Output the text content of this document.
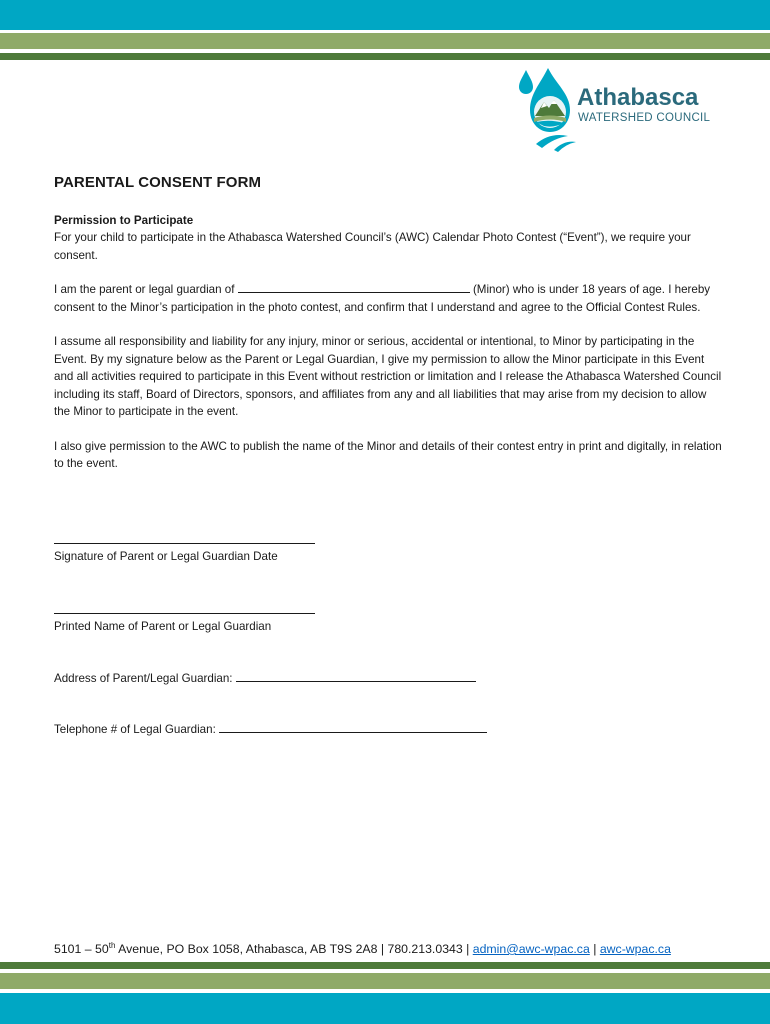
Athabasca
WATERSHED COUNCIL
PARENTAL CONSENT FORM

Permission to Participate

For your child to participate in the Athabasca Watershed Council’s (AWC) Calendar Photo Contest (“Event”), we require your consent.

I am the parent or legal guardian of	(Minor) who is under 18 years of age. I hereby consent to the Minor’s participation in the photo contest, and confirm that I understand and agree to the Official Contest Rules.

I assume all responsibility and liability for any injury, minor or serious, accidental or intentional, to Minor by participating in the Event. By my signature below as the Parent or Legal Guardian, I give my permission to allow the Minor participate in this Event and all activities required to participate in this Event without restriction or limitation and I release the Athabasca Watershed Council including its staff, Board of Directors, sponsors, and affiliates from any and all liabilities that may arise from my decision to allow the Minor to participate in the event.

I also give permission to the AWC to publish the name of the Minor and details of their contest entry in print and digitally, in relation to the event.

Signature of Parent or Legal Guardian Date
Printed Name of Parent or Legal Guardian
Address of Parent/Legal Guardian:
Telephone # of Legal Guardian:
5101 – 50th Avenue, PO Box 1058, Athabasca, AB T9S 2A8 | 780.213.0343 | admin@awc-wpac.ca | awc-wpac.ca
